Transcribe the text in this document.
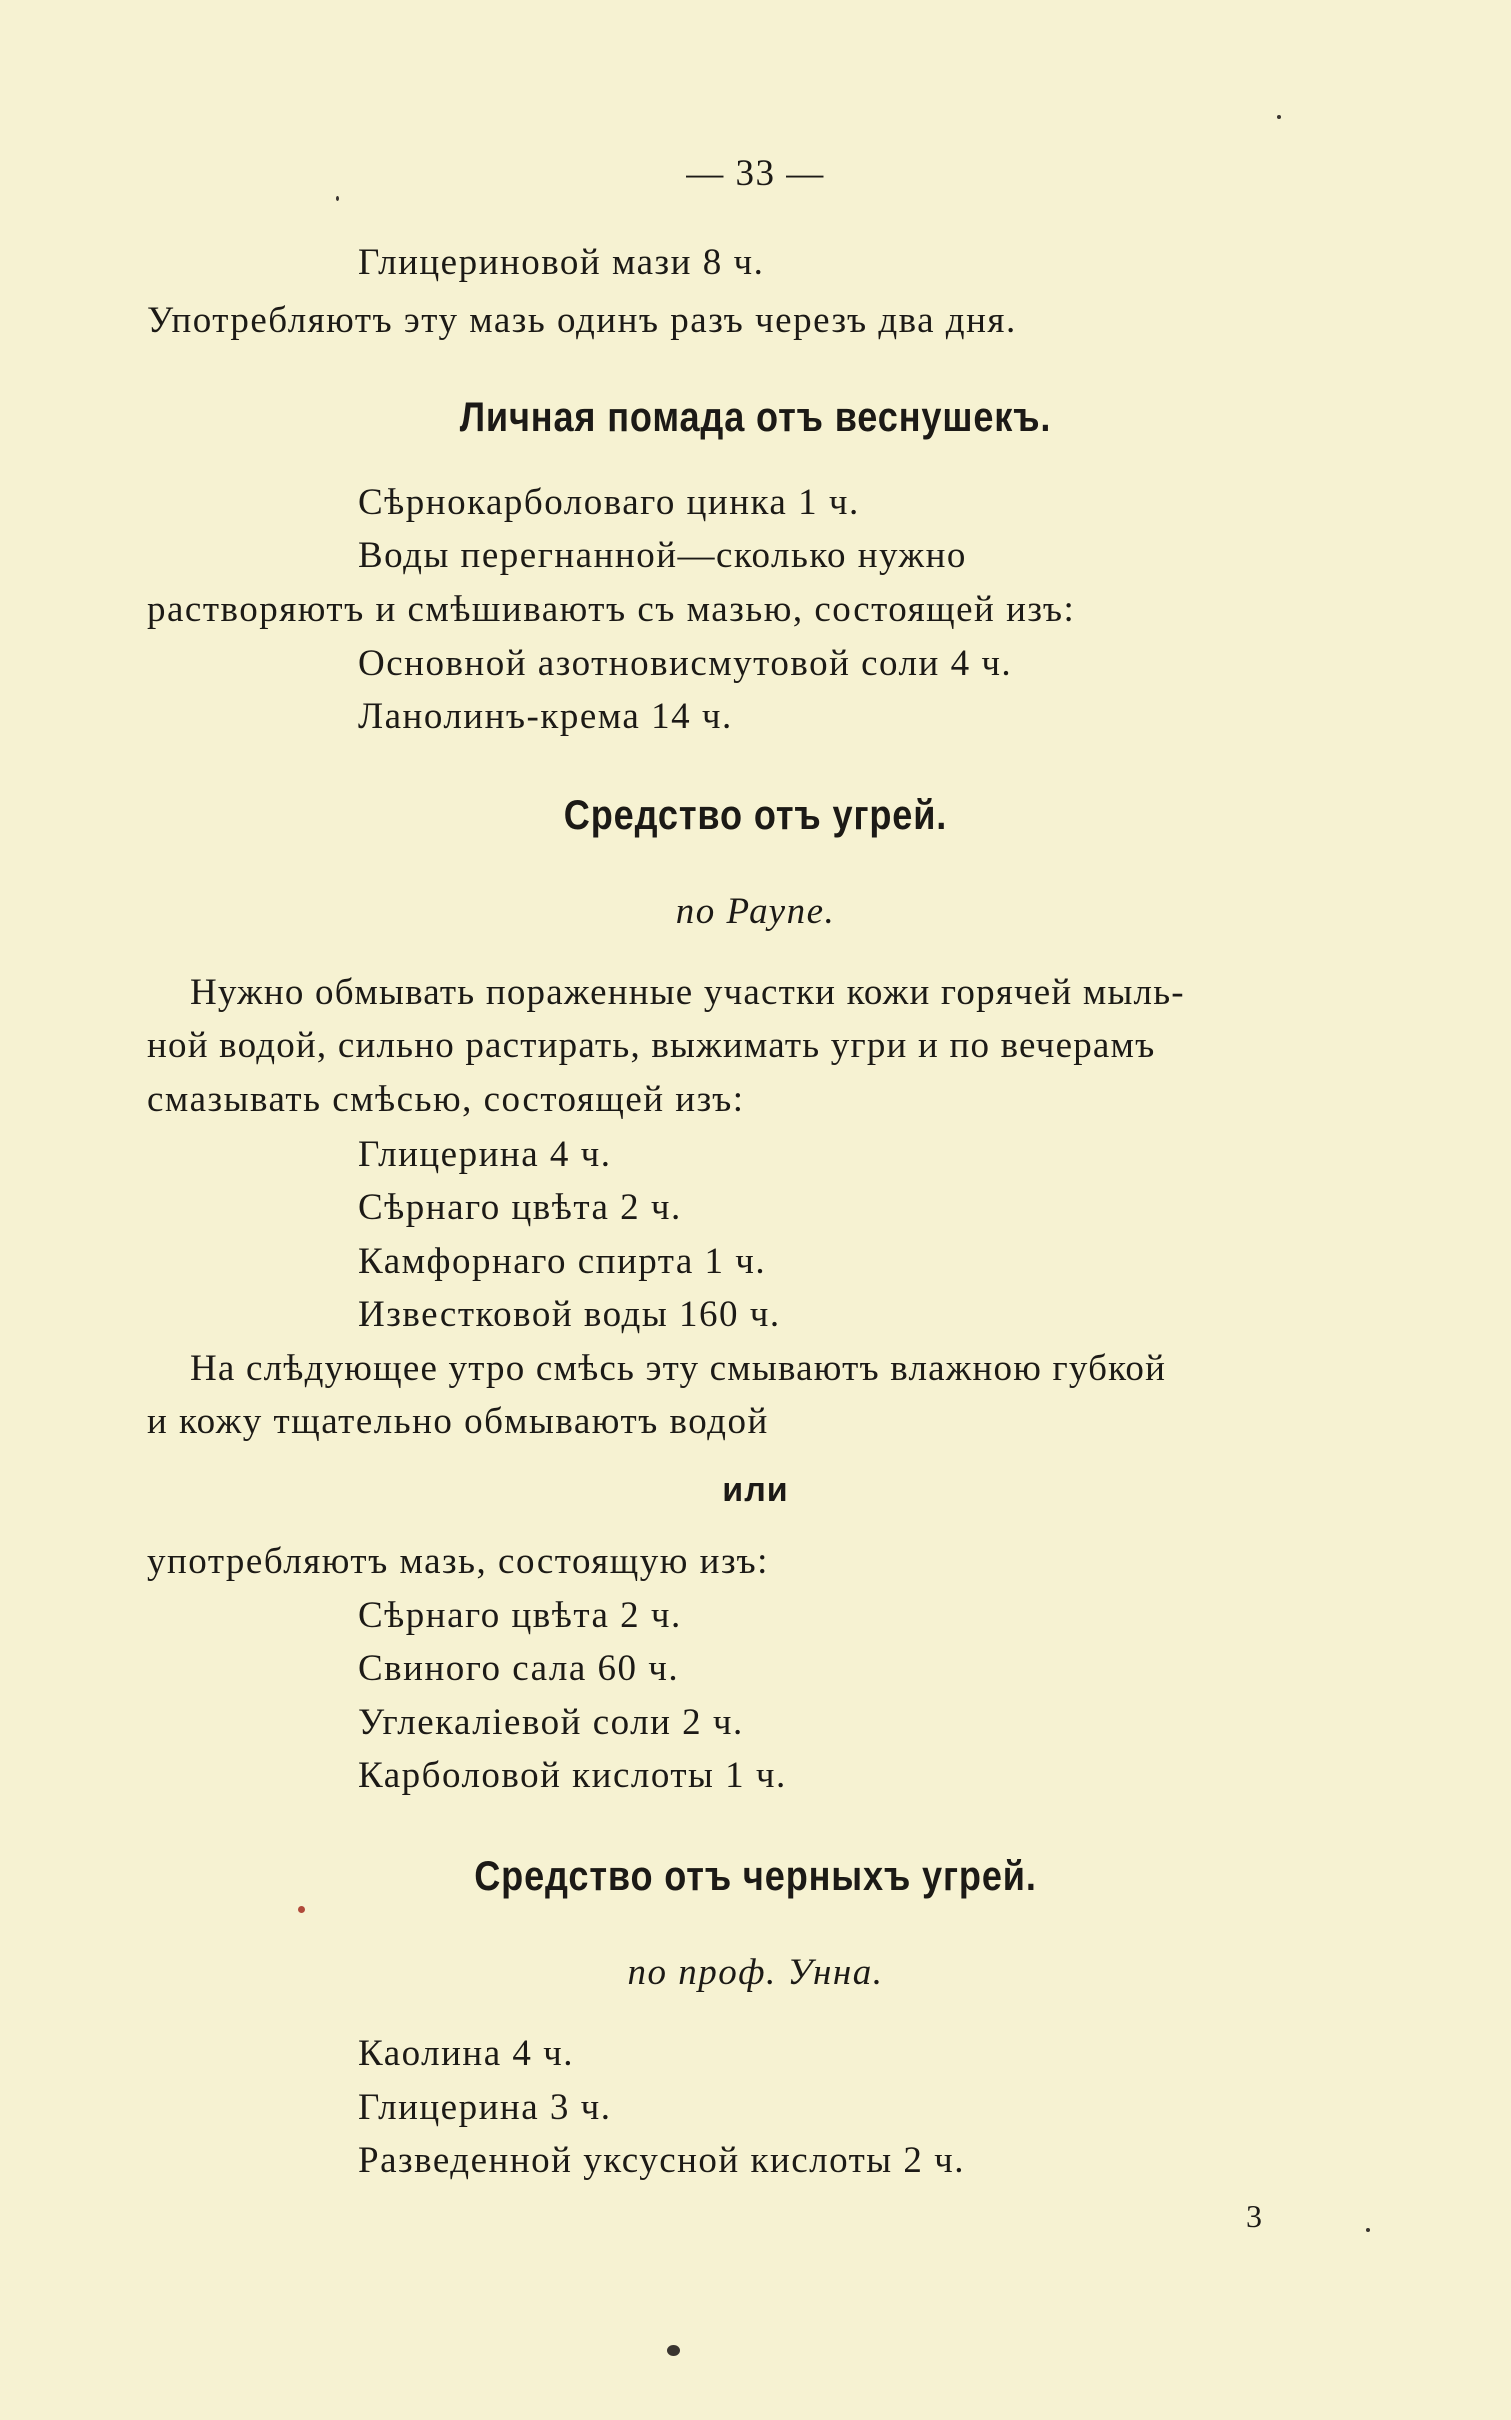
— 33 —
Глицериновой мази 8 ч.
Употребляютъ эту мазь одинъ разъ черезъ два дня.
Личная помада отъ веснушекъ.
Сѣрнокарболоваго цинка 1 ч.
Воды перегнанной—сколько нужно
растворяютъ и смѣшиваютъ съ мазью, состоящей изъ:
Основной азотновисмутовой соли 4 ч.
Ланолинъ-крема 14 ч.
Средство отъ угрей.
по Раупе.
Нужно обмывать пораженные участки кожи горячей мыль-
ной водой, сильно растирать, выжимать угри и по вечерамъ
смазывать смѣсью, состоящей изъ:
Глицерина 4 ч.
Сѣрнаго цвѣта 2 ч.
Камфорнаго спирта 1 ч.
Известковой воды 160 ч.
На слѣдующее утро смѣсь эту смываютъ влажною губкой
и кожу тщательно обмываютъ водой
или
употребляютъ мазь, состоящую изъ:
Сѣрнаго цвѣта 2 ч.
Свиного сала 60 ч.
Углекаліевой соли 2 ч.
Карболовой кислоты 1 ч.
Средство отъ черныхъ угрей.
по проф. Унна.
Каолина 4 ч.
Глицерина 3 ч.
Разведенной уксусной кислоты 2 ч.
3
